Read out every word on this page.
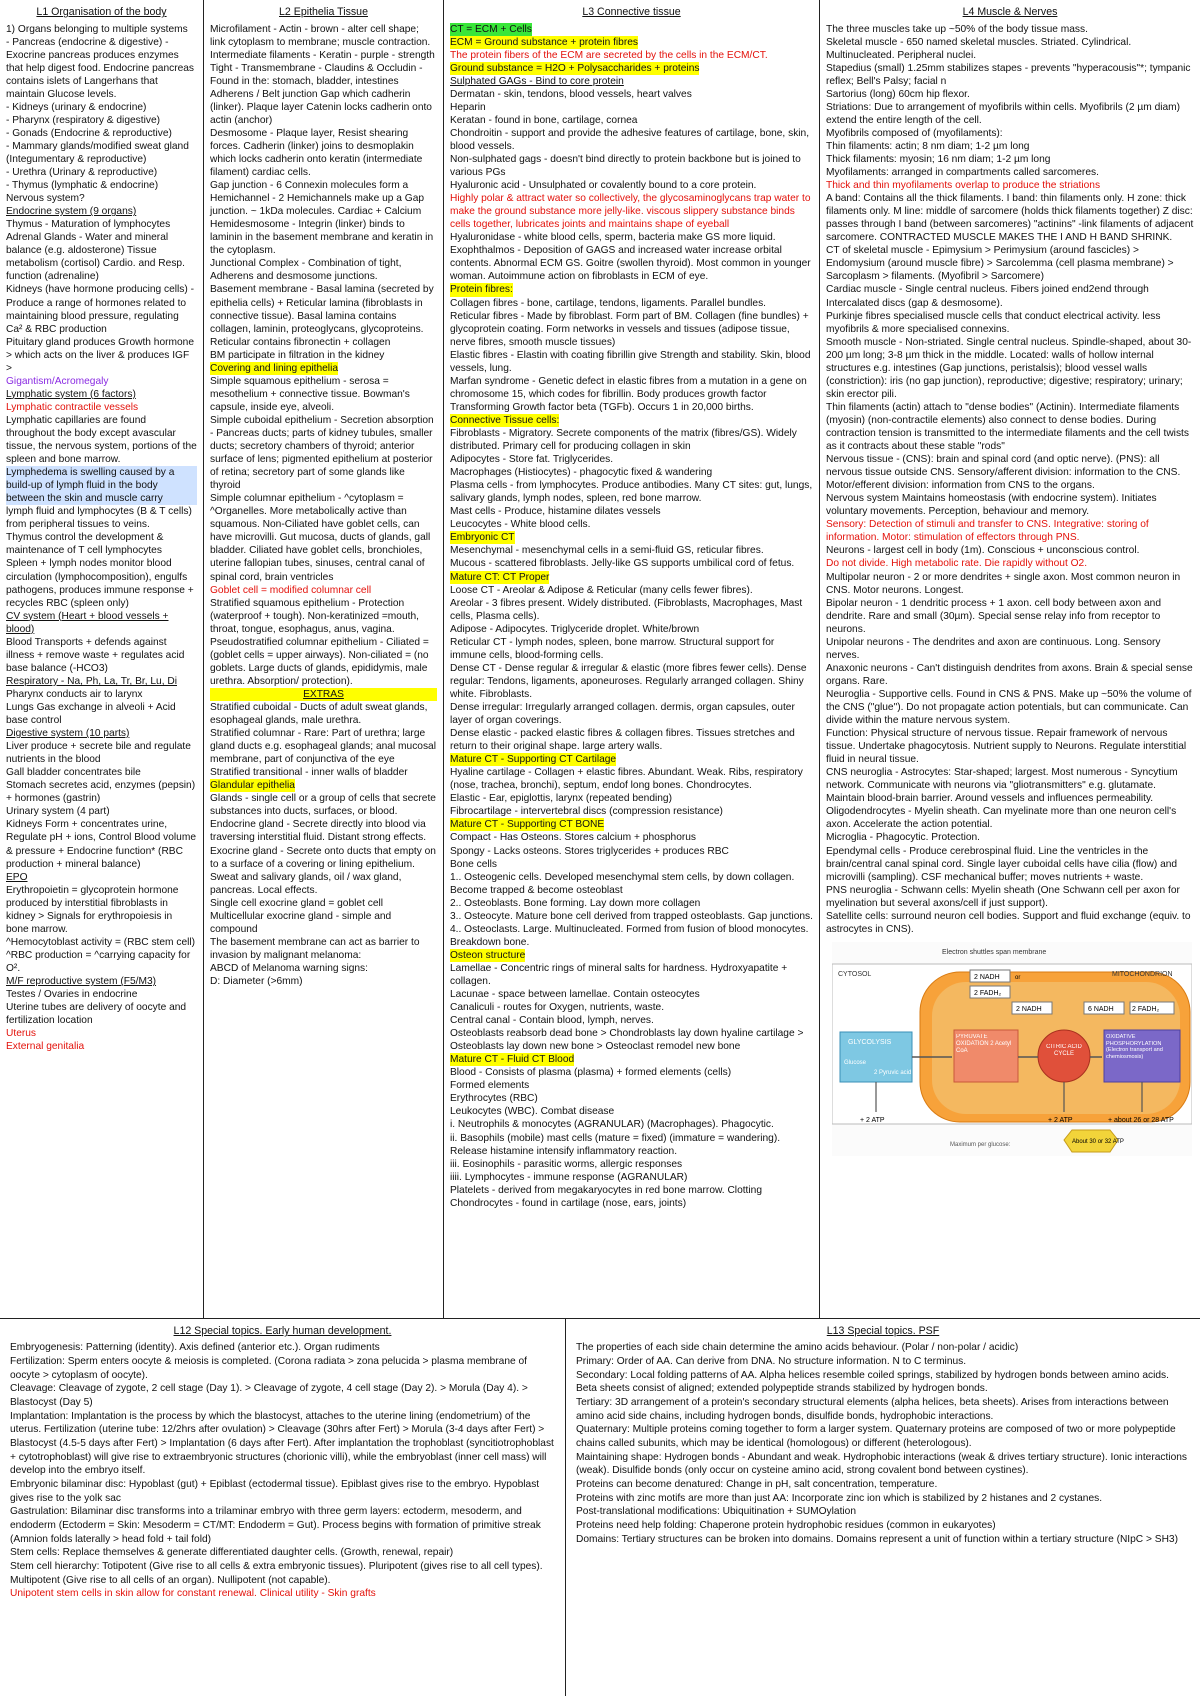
L1 Organisation of the body
1) Organs belonging to multiple systems
- Pancreas (endocrine & digestive) - Exocrine pancreas produces enzymes that help digest food. Endocrine pancreas contains islets of Langerhans that maintain Glucose levels.
- Kidneys (urinary & endocrine)
- Pharynx (respiratory & digestive)
- Gonads (Endocrine & reproductive)
- Mammary glands/modified sweat gland (Integumentary & reproductive)
- Urethra (Urinary & reproductive)
- Thymus (lymphatic & endocrine)
Nervous system?
Endocrine system (9 organs)
Thymus - Maturation of lymphocytes
Adrenal Glands - Water and mineral balance (e.g. aldosterone) Tissue metabolism (cortisol) Cardio. and Resp. function (adrenaline)
Kidneys (have hormone producing cells) - Produce a range of hormones related to maintaining blood pressure, regulating Ca² & RBC production
Pituitary gland produces Growth hormone > which acts on the liver & produces IGF >
Gigantism/Acromegaly
Lymphatic system (6 factors)
Lymphatic contractile vessels
Lymphatic capillaries are found throughout the body except avascular tissue, the nervous system, portions of the spleen and bone marrow.
Lymphedema is swelling caused by a build-up of lymph fluid in the body between the skin and muscle carry

lymph fluid and lymphocytes (B & T cells) from peripheral tissues to veins.
Thymus control the development & maintenance of T cell lymphocytes
Spleen + lymph nodes monitor blood circulation (lymphocomposition), engulfs pathogens, produces immune response + recycles RBC (spleen only)
CV system (Heart + blood vessels + blood)
Blood Transports + defends against illness + remove waste + regulates acid base balance (-HCO3)
Respiratory - Na, Ph, La, Tr, Br, Lu, Di
Pharynx conducts air to larynx
Lungs Gas exchange in alveoli + Acid base control
Digestive system (10 parts)
Liver produce + secrete bile and regulate nutrients in the blood
Gall bladder concentrates bile
Stomach secretes acid, enzymes (pepsin) + hormones (gastrin)
Urinary system (4 part)
Kidneys Form + concentrates urine, Regulate pH + ions, Control Blood volume & pressure + Endocrine function* (RBC production + mineral balance)
EPO
Erythropoietin = glycoprotein hormone produced by interstitial fibroblasts in kidney > Signals for erythropoiesis in bone marrow.
^Hemocytoblast activity = (RBC stem cell) ^RBC production = ^carrying capacity for O².
M/F reproductive system (F5/M3)
Testes / Ovaries in endocrine
Uterine tubes are delivery of oocyte and fertilization location
Uterus
External genitalia
L2 Epithelia Tissue
Microfilament - Actin - brown - alter cell shape; link cytoplasm to membrane; muscle contraction.
Intermediate filaments - Keratin - purple - strength
Tight - Transmembrane - Claudins & Occludin - Found in the: stomach, bladder, intestines
Adherens / Belt junction Gap which cadherin (linker). Plaque layer Catenin locks cadherin onto actin (anchor)
Desmosome - Plaque layer, Resist shearing forces. Cadherin (linker) joins to desmoplakin which locks cadherin onto keratin (intermediate filament) cardiac cells.
Gap junction - 6 Connexin molecules form a Hemichannel - 2 Hemichannels make up a Gap junction. ~ 1kDa molecules. Cardiac + Calcium
Hemidesmosome - Integrin (linker) binds to laminin in the basement membrane and keratin in the cytoplasm.
Junctional Complex - Combination of tight, Adherens and desmosome junctions.
Basement membrane - Basal lamina (secreted by epithelia cells) + Reticular lamina (fibroblasts in connective tissue). Basal lamina contains collagen, laminin, proteoglycans, glycoproteins. Reticular contains fibronectin + collagen
BM participate in filtration in the kidney
Covering and lining epithelia

Simple squamous epithelium - serosa = mesothelium + connective tissue. Bowman's capsule, inside eye, alveoli.
Simple cuboidal epithelium - Secretion absorption - Pancreas ducts; parts of kidney tubules, smaller ducts; secretory chambers of thyroid; anterior surface of lens; pigmented epithelium at posterior of retina; secretory part of some glands like thyroid
Simple columnar epithelium - ^cytoplasm = ^Organelles. More metabolically active than squamous. Non-Ciliated have goblet cells, can have microvilli. Gut mucosa, ducts of glands, gall bladder. Ciliated have goblet cells, bronchioles, uterine fallopian tubes, sinuses, central canal of spinal cord, brain ventricles
Goblet cell = modified columnar cell
Stratified squamous epithelium - Protection (waterproof + tough). Non-keratinized =mouth, throat, tongue, esophagus, anus, vagina.
Pseudostratified columnar epithelium - Ciliated = (goblet cells = upper airways). Non-ciliated = (no goblets. Large ducts of glands, epididymis, male urethra. Absorption/ protection).
EXTRAS
Stratified cuboidal - Ducts of adult sweat glands, esophageal glands, male urethra.
Stratified columnar - Rare: Part of urethra; large gland ducts e.g. esophageal glands; anal mucosal membrane, part of conjunctiva of the eye
Stratified transitional - inner walls of bladder
Glandular epithelia

Glands - single cell or a group of cells that secrete substances into ducts, surfaces, or blood.
Endocrine gland - Secrete directly into blood via traversing interstitial fluid. Distant strong effects.
Exocrine gland - Secrete onto ducts that empty on to a surface of a covering or lining epithelium. Sweat and salivary glands, oil / wax gland, pancreas. Local effects.
Single cell exocrine gland = goblet cell
Multicellular exocrine gland - simple and compound
The basement membrane can act as barrier to invasion by malignant melanoma:
ABCD of Melanoma warning signs:
D: Diameter (>6mm)
L3 Connective tissue
CT = ECM + Cells
ECM = Ground substance + protein fibres

The protein fibers of the ECM are secreted by the cells in the ECM/CT.
Ground substance = H2O + Polysaccharides + proteins

Sulphated GAGs - Bind to core protein
Dermatan - skin, tendons, blood vessels, heart valves
Heparin
Keratan - found in bone, cartilage, cornea
Chondroitin - support and provide the adhesive features of cartilage, bone, skin, blood vessels.
Non-sulphated gags - doesn't bind directly to protein backbone but is joined to various PGs
Hyaluronic acid - Unsulphated or covalently bound to a core protein.
Highly polar & attract water so collectively, the glycosaminoglycans trap water to make the ground substance more jelly-like. viscous slippery substance binds cells together, lubricates joints and maintains shape of eyeball
Hyaluronidase - white blood cells, sperm, bacteria make GS more liquid.
Exophthalmos - Deposition of GAGS and increased water increase orbital contents. Abnormal ECM GS. Goitre (swollen thyroid). Most common in younger woman. Autoimmune action on fibroblasts in ECM of eye.
Protein fibres:

Collagen fibres - bone, cartilage, tendons, ligaments. Parallel bundles.
Reticular fibres - Made by fibroblast. Form part of BM. Collagen (fine bundles) + glycoprotein coating. Form networks in vessels and tissues (adipose tissue, nerve fibres, smooth muscle tissues)
Elastic fibres - Elastin with coating fibrillin give Strength and stability. Skin, blood vessels, lung.
Marfan syndrome - Genetic defect in elastic fibres from a mutation in a gene on chromosome 15, which codes for fibrillin. Body produces growth factor Transforming Growth factor beta (TGFb). Occurs 1 in 20,000 births.
Connective Tissue cells:

Fibroblasts - Migratory. Secrete components of the matrix (fibres/GS). Widely distributed. Primary cell for producing collagen in skin
Adipocytes - Store fat. Triglycerides.
Macrophages (Histiocytes) - phagocytic fixed & wandering
Plasma cells - from lymphocytes. Produce antibodies. Many CT sites: gut, lungs, salivary glands, lymph nodes, spleen, red bone marrow.
Mast cells - Produce, histamine dilates vessels
Leucocytes - White blood cells.
Embryonic CT

Mesenchymal - mesenchymal cells in a semi-fluid GS, reticular fibres.
Mucous - scattered fibroblasts. Jelly-like GS supports umbilical cord of fetus.
Mature CT: CT Proper

Loose CT - Areolar & Adipose & Reticular (many cells fewer fibres).
Areolar - 3 fibres present. Widely distributed. (Fibroblasts, Macrophages, Mast cells, Plasma cells).
Adipose - Adipocytes. Triglyceride droplet. White/brown
Reticular CT - lymph nodes, spleen, bone marrow. Structural support for immune cells, blood-forming cells.
Dense CT - Dense regular & irregular & elastic (more fibres fewer cells). Dense regular: Tendons, ligaments, aponeuroses. Regularly arranged collagen. Shiny white. Fibroblasts.
Dense irregular: Irregularly arranged collagen. dermis, organ capsules, outer layer of organ coverings.
Dense elastic - packed elastic fibres & collagen fibres. Tissues stretches and return to their original shape. large artery walls.
Mature CT - Supporting CT Cartilage

Hyaline cartilage - Collagen + elastic fibres. Abundant. Weak. Ribs, respiratory (nose, trachea, bronchi), septum, endof long bones. Chondrocytes.
Elastic - Ear, epiglottis, larynx (repeated bending)
Fibrocartilage - intervertebral discs (compression resistance)
Mature CT - Supporting CT BONE

Compact - Has Osteons. Stores calcium + phosphorus
Spongy - Lacks osteons. Stores triglycerides + produces RBC
Bone cells
1.. Osteogenic cells. Developed mesenchymal stem cells, by down collagen. Become trapped & become osteoblast
2.. Osteoblasts. Bone forming. Lay down more collagen
3.. Osteocyte. Mature bone cell derived from trapped osteoblasts. Gap junctions.
4.. Osteoclasts. Large. Multinucleated. Formed from fusion of blood monocytes. Breakdown bone.
Osteon structure

Lamellae - Concentric rings of mineral salts for hardness. Hydroxyapatite + collagen.
Lacunae - space between lamellae. Contain osteocytes
Canaliculi - routes for Oxygen, nutrients, waste.
Central canal - Contain blood, lymph, nerves.
Osteoblasts reabsorb dead bone > Chondroblasts lay down hyaline cartilage > Osteoblasts lay down new bone > Osteoclast remodel new bone
Mature CT - Fluid CT Blood

Blood - Consists of plasma (plasma) + formed elements (cells)
Formed elements
Erythrocytes (RBC)
Leukocytes (WBC). Combat disease
i. Neutrophils & monocytes (AGRANULAR) (Macrophages). Phagocytic.
ii. Basophils (mobile) mast cells (mature = fixed) (immature = wandering). Release histamine intensify inflammatory reaction.
iii. Eosinophils - parasitic worms, allergic responses
iiii. Lymphocytes - immune response (AGRANULAR)
Platelets - derived from megakaryocytes in red bone marrow. Clotting
Chondrocytes - found in cartilage (nose, ears, joints)
L4 Muscle & Nerves
The three muscles take up ~50% of the body tissue mass.
Skeletal muscle - 650 named skeletal muscles. Striated. Cylindrical. Multinucleated. Peripheral nuclei.
Stapedius (small) 1.25mm stabilizes stapes - prevents "hyperacousis"*; tympanic reflex; Bell's Palsy; facial n
Sartorius (long) 60cm hip flexor.
Striations: Due to arrangement of myofibrils within cells. Myofibrils (2 µm diam) extend the entire length of the cell.
Myofibrils composed of (myofilaments):
Thin filaments: actin; 8 nm diam; 1-2 µm long
Thick filaments: myosin; 16 nm diam; 1-2 µm long
Myofilaments: arranged in compartments called sarcomeres.
Thick and thin myofilaments overlap to produce the striations
A band: Contains all the thick filaments. I band: thin filaments only. H zone: thick filaments only. M line: middle of sarcomere (holds thick filaments together) Z disc: passes through I band (between sarcomeres) "actinins" -link filaments of adjacent sarcomere. CONTRACTED MUSCLE MAKES THE I AND H BAND SHRINK.
CT of skeletal muscle - Epimysium > Perimysium (around fascicles) > Endomysium (around muscle fibre) > Sarcolemma (cell plasma membrane) > Sarcoplasm > filaments. (Myofibril > Sarcomere)
Cardiac muscle - Single central nucleus. Fibers joined end2end through Intercalated discs (gap & desmosome).
Purkinje fibres specialised muscle cells that conduct electrical activity. less myofibrils & more specialised connexins.
Smooth muscle - Non-striated. Single central nucleus. Spindle-shaped, about 30-200 µm long; 3-8 µm thick in the middle. Located: walls of hollow internal structures e.g. intestines (Gap junctions, peristalsis); blood vessel walls (constriction): iris (no gap junction), reproductive; digestive; respiratory; urinary; skin erector pili.
Thin filaments (actin) attach to "dense bodies" (Actinin). Intermediate filaments (myosin) (non-contractile elements) also connect to dense bodies. During contraction tension is transmitted to the intermediate filaments and the cell twists as it contracts about these stable "rods"
Nervous tissue - (CNS): brain and spinal cord (and optic nerve). (PNS): all nervous tissue outside CNS. Sensory/afferent division: information to the CNS. Motor/efferent division: information from CNS to the organs.
Nervous system Maintains homeostasis (with endocrine system). Initiates voluntary movements. Perception, behaviour and memory.
Sensory: Detection of stimuli and transfer to CNS. Integrative: storing of information. Motor: stimulation of effectors through PNS.
Neurons - largest cell in body (1m). Conscious + unconscious control.
Do not divide. High metabolic rate. Die rapidly without O2.
Multipolar neuron - 2 or more dendrites + single axon. Most common neuron in CNS. Motor neurons. Longest.
Bipolar neuron - 1 dendritic process + 1 axon. cell body between axon and dendrite. Rare and small (30µm). Special sense relay info from receptor to neurons.
Unipolar neurons - The dendrites and axon are continuous. Long. Sensory nerves.
Anaxonic neurons - Can't distinguish dendrites from axons. Brain & special sense organs. Rare.
Neuroglia - Supportive cells. Found in CNS & PNS. Make up ~50% the volume of the CNS ("glue"). Do not propagate action potentials, but can communicate. Can divide within the mature nervous system.
Function: Physical structure of nervous tissue. Repair framework of nervous tissue. Undertake phagocytosis. Nutrient supply to Neurons. Regulate interstitial fluid in neural tissue.
CNS neuroglia - Astrocytes: Star-shaped; largest. Most numerous - Syncytium network. Communicate with neurons via "gliotransmitters" e.g. glutamate. Maintain blood-brain barrier. Around vessels and influences permeability.
Oligodendrocytes - Myelin sheath. Can myelinate more than one neuron cell's axon. Accelerate the action potential.
Microglia - Phagocytic. Protection.
Ependymal cells - Produce cerebrospinal fluid. Line the ventricles in the brain/central canal spinal cord. Single layer cuboidal cells have cilia (flow) and microvilli (sampling). CSF mechanical buffer; moves nutrients + waste.
PNS neuroglia - Schwann cells: Myelin sheath (One Schwann cell per axon for myelination but several axons/cell if just support).
Satellite cells: surround neuron cell bodies. Support and fluid exchange (equiv. to astrocytes in CNS).
Electron shuttles span membrane
CYTOSOL	MITOCHONDRION
2 NADH	or
2 FADH₂
2 NADH	6 NADH	2 FADH₂
GLYCOLYSIS
Glucose
2 Pyruvic acid
PYRUVATE OXIDATION 2 Acetyl CoA
CITRIC ACID CYCLE
OXIDATIVE PHOSPHORYLATION (Electron transport and chemiosmosis)
+ 2 ATP	+ 2 ATP	+ about 26 or 28 ATP
Maximum per glucose:	About 30 or 32 ATP
L12 Special topics. Early human development.
Embryogenesis: Patterning (identity). Axis defined (anterior etc.). Organ rudiments
Fertilization: Sperm enters oocyte & meiosis is completed. (Corona radiata > zona pelucida > plasma membrane of oocyte > cytoplasm of oocyte).
Cleavage: Cleavage of zygote, 2 cell stage (Day 1). > Cleavage of zygote, 4 cell stage (Day 2). > Morula (Day 4). > Blastocyst (Day 5)
Implantation: Implantation is the process by which the blastocyst, attaches to the uterine lining (endometrium) of the uterus. Fertilization (uterine tube: 12/2hrs after ovulation) > Cleavage (30hrs after Fert) > Morula (3-4 days after Fert) > Blastocyst (4.5-5 days after Fert) > Implantation (6 days after Fert). After implantation the trophoblast (syncitiotrophoblast + cytotrophoblast) will give rise to extraembryonic structures (chorionic villi), while the embryoblast (inner cell mass) will develop into the embryo itself.
Embryonic bilaminar disc: Hypoblast (gut) + Epiblast (ectodermal tissue). Epiblast gives rise to the embryo. Hypoblast gives rise to the yolk sac
Gastrulation: Bilaminar disc transforms into a trilaminar embryo with three germ layers: ectoderm, mesoderm, and endoderm (Ectoderm = Skin: Mesoderm = CT/MT: Endoderm = Gut). Process begins with formation of primitive streak (Amnion folds laterally > head fold + tail fold)
Stem cells: Replace themselves & generate differentiated daughter cells. (Growth, renewal, repair)
Stem cell hierarchy: Totipotent (Give rise to all cells & extra embryonic tissues). Pluripotent (gives rise to all cell types). Multipotent (Give rise to all cells of an organ). Nullipotent (not capable).
Unipotent stem cells in skin allow for constant renewal. Clinical utility - Skin grafts
L13 Special topics. PSF
The properties of each side chain determine the amino acids behaviour. (Polar / non-polar / acidic)
Primary: Order of AA. Can derive from DNA. No structure information. N to C terminus.
Secondary: Local folding patterns of AA. Alpha helices resemble coiled springs, stabilized by hydrogen bonds between amino acids. Beta sheets consist of aligned; extended polypeptide strands stabilized by hydrogen bonds.
Tertiary: 3D arrangement of a protein's secondary structural elements (alpha helices, beta sheets). Arises from interactions between amino acid side chains, including hydrogen bonds, disulfide bonds, hydrophobic interactions.
Quaternary: Multiple proteins coming together to form a larger system. Quaternary proteins are composed of two or more polypeptide chains called subunits, which may be identical (homologous) or different (heterologous).
Maintaining shape: Hydrogen bonds - Abundant and weak. Hydrophobic interactions (weak & drives tertiary structure). Ionic interactions (weak). Disulfide bonds (only occur on cysteine amino acid, strong covalent bond between cystines).
Proteins can become denatured: Change in pH, salt concentration, temperature.
Proteins with zinc motifs are more than just AA: Incorporate zinc ion which is stabilized by 2 histanes and 2 cystanes.
Post-translational modifications: Ubiquitination + SUMOylation
Proteins need help folding: Chaperone protein hydrophobic residues (common in eukaryotes)
Domains: Tertiary structures can be broken into domains. Domains represent a unit of function within a tertiary structure (NIpC > SH3)
